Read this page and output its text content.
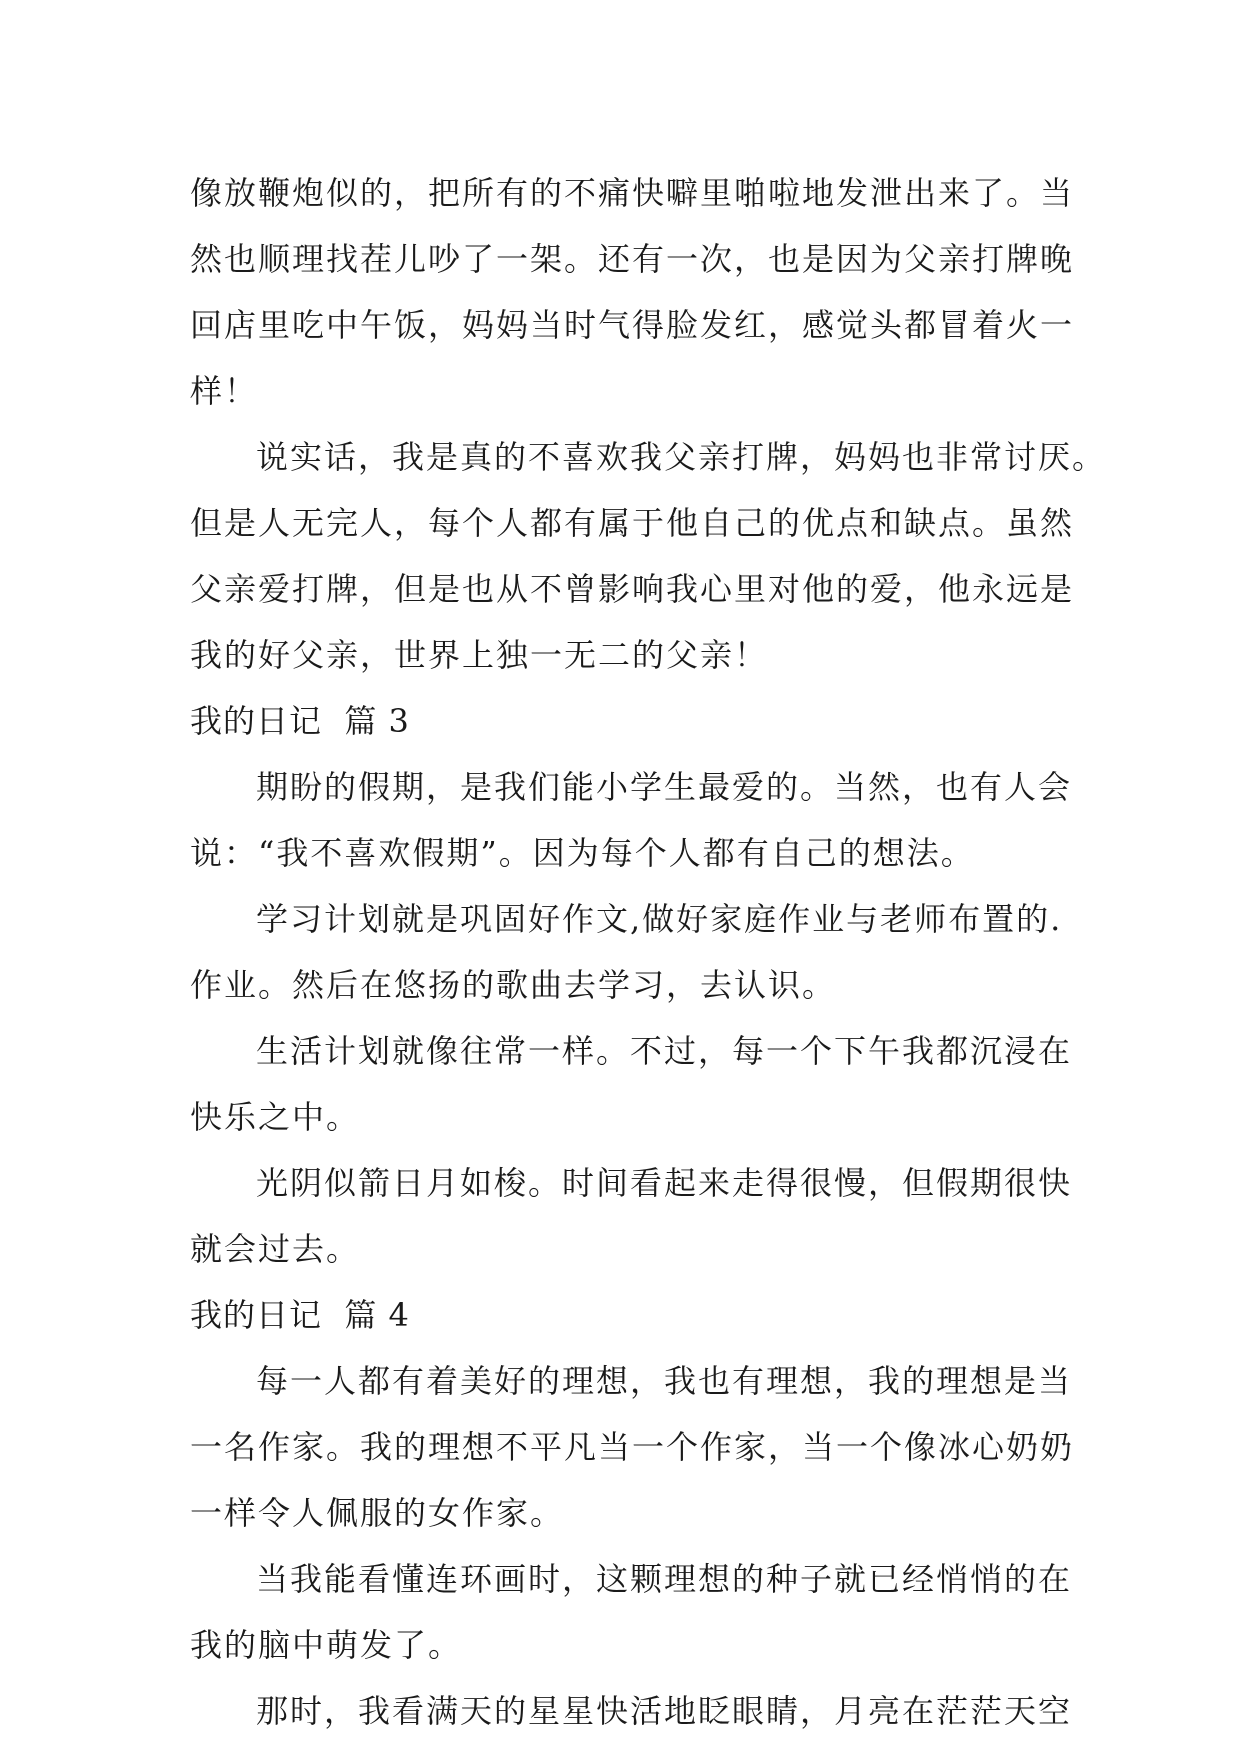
像放鞭炮似的，把所有的不痛快噼里啪啦地发泄出来了。当
然也顺理找茬儿吵了一架。还有一次，也是因为父亲打牌晚
回店里吃中午饭，妈妈当时气得脸发红，感觉头都冒着火一
样！
说实话，我是真的不喜欢我父亲打牌，妈妈也非常讨厌。
但是人无完人，每个人都有属于他自己的优点和缺点。虽然
父亲爱打牌，但是也从不曾影响我心里对他的爱，他永远是
我的好父亲，世界上独一无二的父亲！
我的日记  篇 3
期盼的假期，是我们能小学生最爱的。当然，也有人会
说：“我不喜欢假期”。因为每个人都有自己的想法。
学习计划就是巩固好作文,做好家庭作业与老师布置的.
作业。然后在悠扬的歌曲去学习，去认识。
生活计划就像往常一样。不过，每一个下午我都沉浸在
快乐之中。
光阴似箭日月如梭。时间看起来走得很慢，但假期很快
就会过去。
我的日记  篇 4
每一人都有着美好的理想，我也有理想，我的理想是当
一名作家。我的理想不平凡当一个作家，当一个像冰心奶奶
一样令人佩服的女作家。
当我能看懂连环画时，这颗理想的种子就已经悄悄的在
我的脑中萌发了。
那时，我看满天的星星快活地眨眼睛，月亮在茫茫天空
